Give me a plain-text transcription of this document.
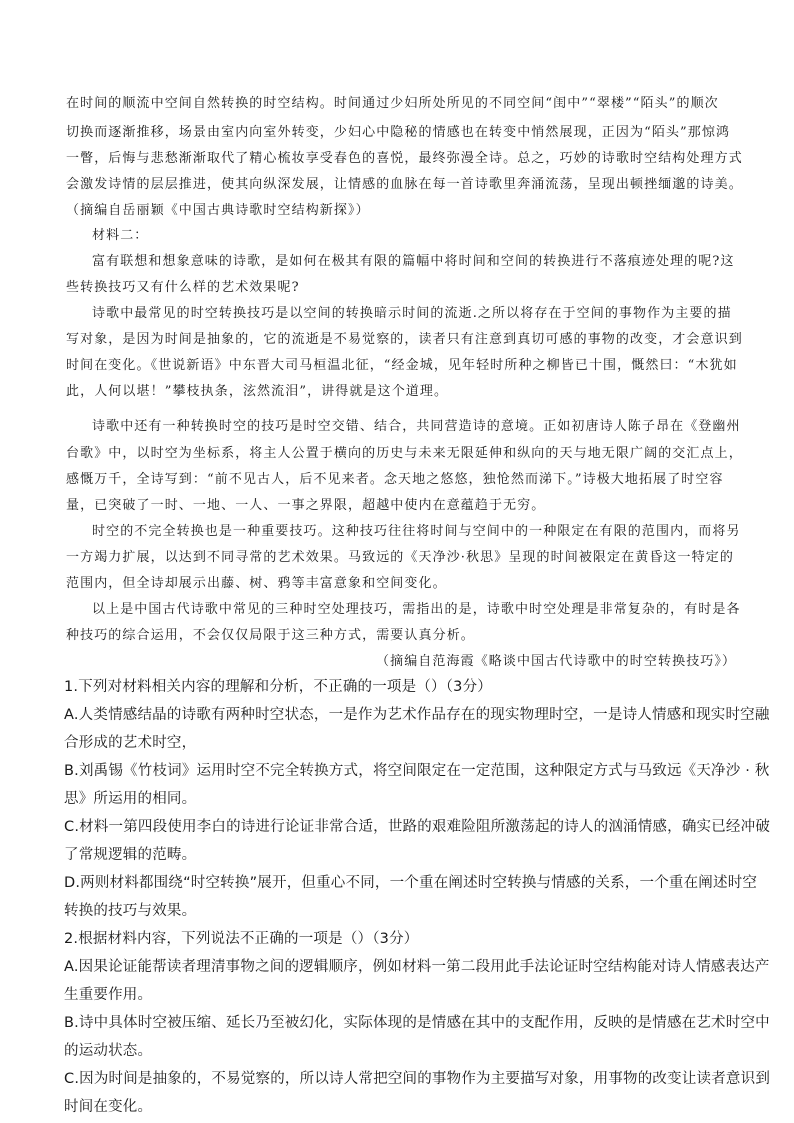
在时间的顺流中空间自然转换的时空结构。时间通过少妇所处所见的不同空间“闺中”“翠楼”“陌头”的顺次
切换而逐渐推移，场景由室内向室外转变，少妇心中隐秘的情感也在转变中悄然展现，正因为“陌头”那惊鸿
一瞥，后悔与悲愁渐渐取代了精心梳妆享受春色的喜悦，最终弥漫全诗。总之，巧妙的诗歌时空结构处理方式
会激发诗情的层层推进，使其向纵深发展，让情感的血脉在每一首诗歌里奔涌流荡，呈现出顿挫缅邈的诗美。
（摘编自岳丽颖《中国古典诗歌时空结构新探》）
材料二：
富有联想和想象意味的诗歌，是如何在极其有限的篇幅中将时间和空间的转换进行不落痕迹处理的呢?这
些转换技巧又有什么样的艺术效果呢?
诗歌中最常见的时空转换技巧是以空间的转换暗示时间的流逝.之所以将存在于空间的事物作为主要的描
写对象，是因为时间是抽象的，它的流逝是不易觉察的，读者只有注意到真切可感的事物的改变，才会意识到
时间在变化。《世说新语》中东晋大司马桓温北征，“经金城，见年轻时所种之柳皆已十围，慨然曰：“木犹如
此，人何以堪！”攀枝执条，泫然流泪”，讲得就是这个道理。
诗歌中还有一种转换时空的技巧是时空交错、结合，共同营造诗的意境。正如初唐诗人陈子昂在《登幽州
台歌》中，以时空为坐标系，将主人公置于横向的历史与未来无限延伸和纵向的天与地无限广阔的交汇点上，
感慨万千，全诗写到：“前不见古人，后不见来者。念天地之悠悠，独怆然而涕下。”诗极大地拓展了时空容
量，已突破了一时、一地、一人、一事之界限，超越中使内在意蕴趋于无穷。
时空的不完全转换也是一种重要技巧。这种技巧往往将时间与空间中的一种限定在有限的范围内，而将另
一方竭力扩展，以达到不同寻常的艺术效果。马致远的《天净沙·秋思》呈现的时间被限定在黄昏这一特定的
范围内，但全诗却展示出藤、树、鸦等丰富意象和空间变化。
以上是中国古代诗歌中常见的三种时空处理技巧，需指出的是，诗歌中时空处理是非常复杂的，有时是各
种技巧的综合运用，不会仅仅局限于这三种方式，需要认真分析。
（摘编自范海霞《略谈中国古代诗歌中的时空转换技巧》）
1.下列对材料相关内容的理解和分析，不正确的一项是（）（3分）
A.人类情感结晶的诗歌有两种时空状态，一是作为艺术作品存在的现实物理时空，一是诗人情感和现实时空融
合形成的艺术时空，
B.刘禹锡《竹枝词》运用时空不完全转换方式，将空间限定在一定范围，这种限定方式与马致远《天净沙 · 秋
思》所运用的相同。
C.材料一第四段使用李白的诗进行论证非常合适，世路的艰难险阻所激荡起的诗人的汹涌情感，确实已经冲破
了常规逻辑的范畴。
D.两则材料都围绕“时空转换”展开，但重心不同，一个重在阐述时空转换与情感的关系，一个重在阐述时空
转换的技巧与效果。
2.根据材料内容，下列说法不正确的一项是（）（3分）
A.因果论证能帮读者理清事物之间的逻辑顺序，例如材料一第二段用此手法论证时空结构能对诗人情感表达产
生重要作用。
B.诗中具体时空被压缩、延长乃至被幻化，实际体现的是情感在其中的支配作用，反映的是情感在艺术时空中
的运动状态。
C.因为时间是抽象的，不易觉察的，所以诗人常把空间的事物作为主要描写对象，用事物的改变让读者意识到
时间在变化。
